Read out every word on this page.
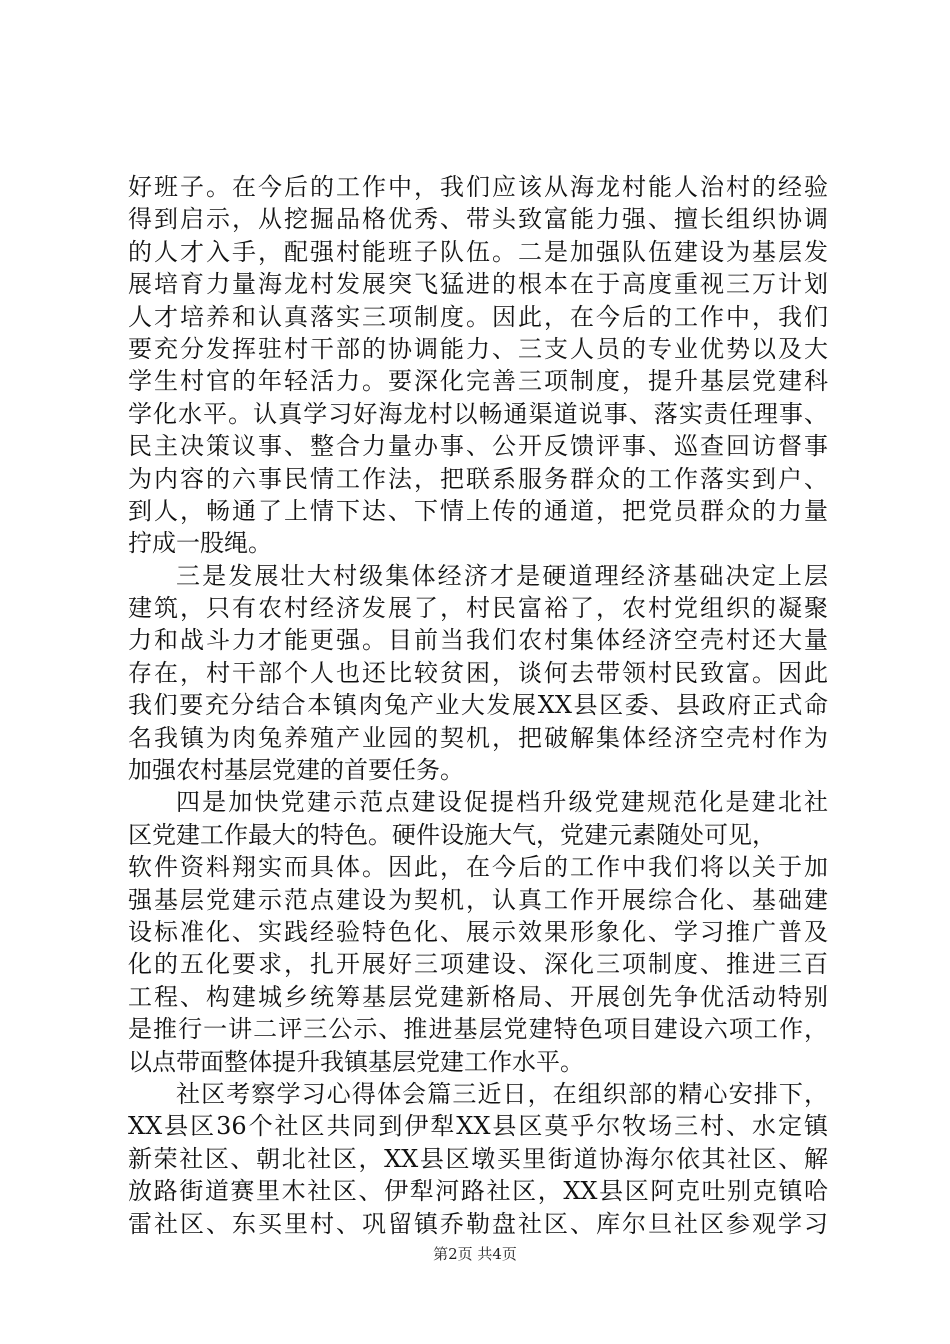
好班子。在今后的工作中，我们应该从海龙村能人治村的经验
得到启示，从挖掘品格优秀、带头致富能力强、擅长组织协调
的人才入手，配强村能班子队伍。二是加强队伍建设为基层发
展培育力量海龙村发展突飞猛进的根本在于高度重视三万计划
人才培养和认真落实三项制度。因此，在今后的工作中，我们
要充分发挥驻村干部的协调能力、三支人员的专业优势以及大
学生村官的年轻活力。要深化完善三项制度，提升基层党建科
学化水平。认真学习好海龙村以畅通渠道说事、落实责任理事、
民主决策议事、整合力量办事、公开反馈评事、巡查回访督事
为内容的六事民情工作法，把联系服务群众的工作落实到户、
到人，畅通了上情下达、下情上传的通道，把党员群众的力量
拧成一股绳。
三是发展壮大村级集体经济才是硬道理经济基础决定上层
建筑，只有农村经济发展了，村民富裕了，农村党组织的凝聚
力和战斗力才能更强。目前当我们农村集体经济空壳村还大量
存在，村干部个人也还比较贫困，谈何去带领村民致富。因此
我们要充分结合本镇肉兔产业大发展XX县区委、县政府正式命
名我镇为肉兔养殖产业园的契机，把破解集体经济空壳村作为
加强农村基层党建的首要任务。
四是加快党建示范点建设促提档升级党建规范化是建北社
区党建工作最大的特色。硬件设施大气，党建元素随处可见，
软件资料翔实而具体。因此，在今后的工作中我们将以关于加
强基层党建示范点建设为契机，认真工作开展综合化、基础建
设标准化、实践经验特色化、展示效果形象化、学习推广普及
化的五化要求，扎开展好三项建设、深化三项制度、推进三百
工程、构建城乡统筹基层党建新格局、开展创先争优活动特别
是推行一讲二评三公示、推进基层党建特色项目建设六项工作，
以点带面整体提升我镇基层党建工作水平。
社区考察学习心得体会篇三近日，在组织部的精心安排下，
XX县区36个社区共同到伊犁XX县区莫乎尔牧场三村、水定镇
新荣社区、朝北社区，XX县区墩买里街道协海尔依其社区、解
放路街道赛里木社区、伊犁河路社区，XX县区阿克吐别克镇哈
雷社区、东买里村、巩留镇乔勒盘社区、库尔旦社区参观学习
第2页 共4页
